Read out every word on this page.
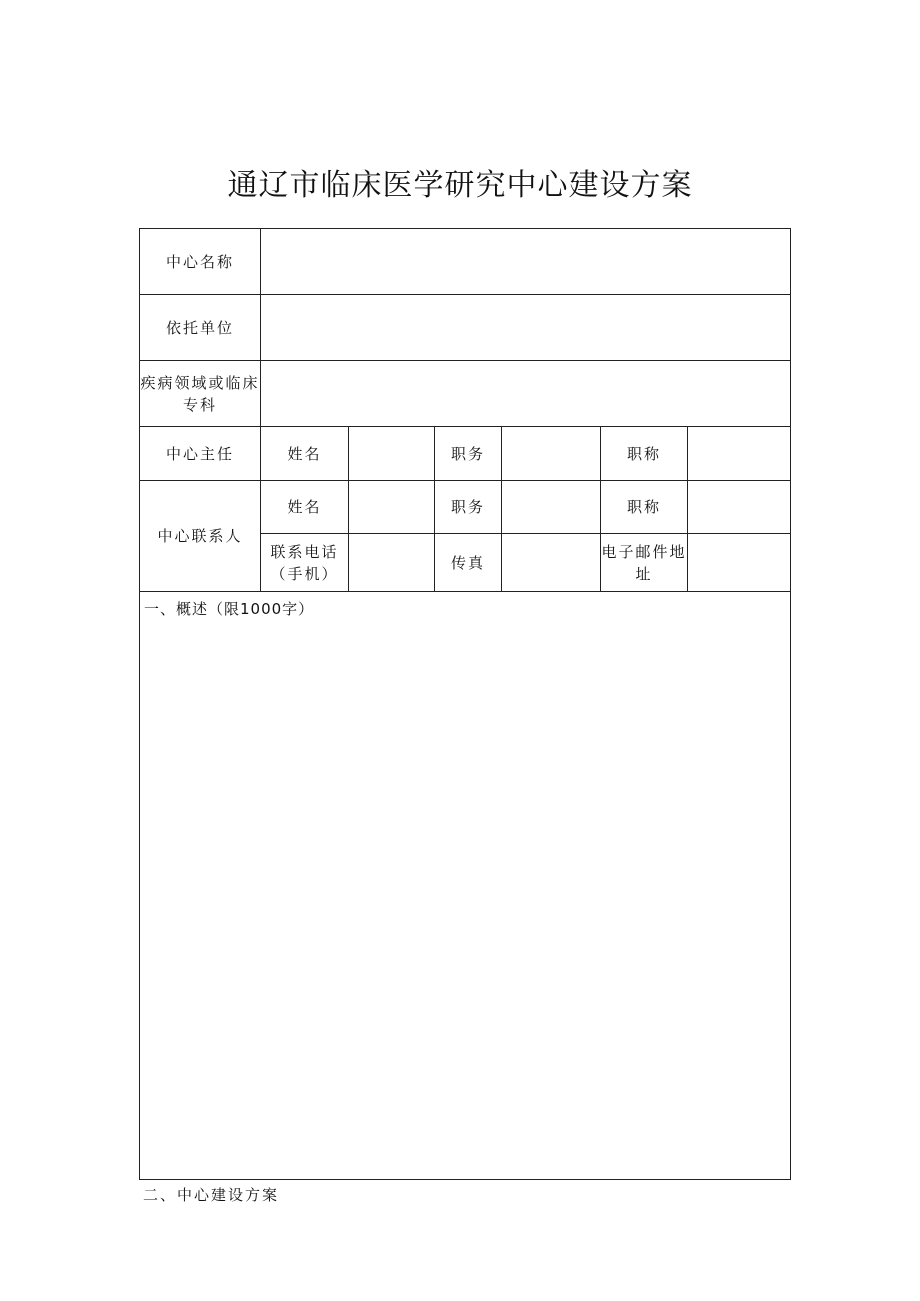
通辽市临床医学研究中心建设方案
中心名称						
依托单位						
疾病领域或临床专科						
中心主任	姓名		职务		职称	
中心联系人	姓名		职务		职称	
	联系电话（手机）		传真		电子邮件地址	
一、概述（限1000字）						
二、中心建设方案
